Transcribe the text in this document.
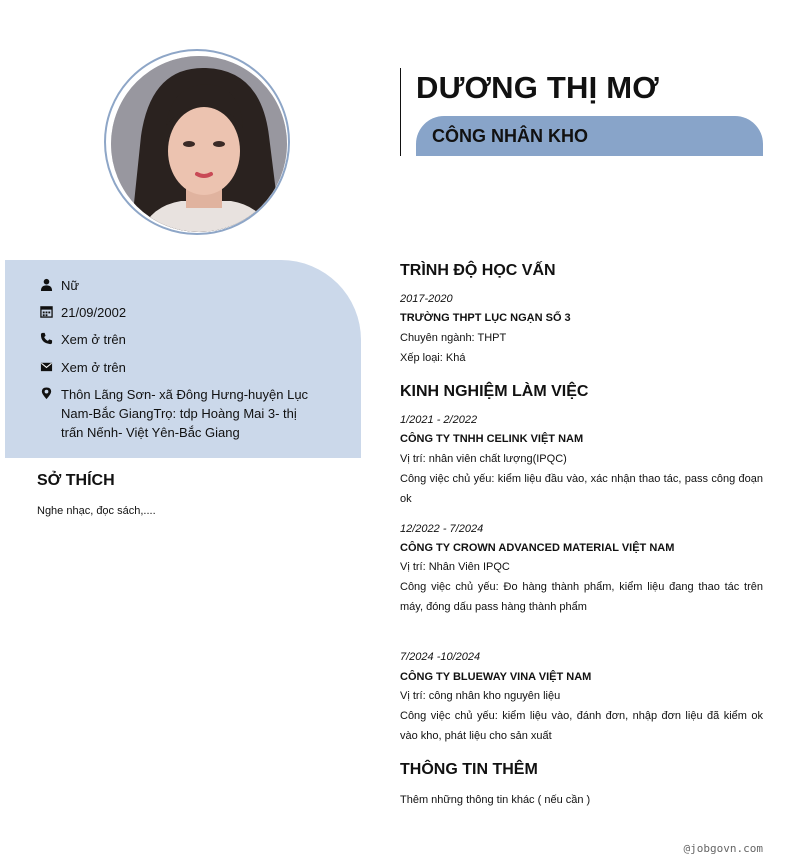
DƯƠNG THỊ MƠ
CÔNG NHÂN KHO
Nữ
21/09/2002
Xem ở trên
Xem ở trên
Thôn Lãng Sơn- xã Đông Hưng-huyện Lục Nam-Bắc GiangTrọ: tdp Hoàng Mai 3- thị trấn Nếnh- Việt Yên-Bắc Giang
SỞ THÍCH
Nghe nhạc, đọc sách,....
TRÌNH ĐỘ HỌC VẤN
2017-2020
TRƯỜNG THPT LỤC NGẠN SỐ 3
Chuyên ngành: THPT
Xếp loại: Khá
KINH NGHIỆM LÀM VIỆC
1/2021 - 2/2022
CÔNG TY TNHH CELINK VIỆT NAM
Vị trí: nhân viên chất lượng(IPQC)
Công việc chủ yếu: kiểm liệu đầu vào, xác nhận thao tác, pass công đoạn ok
12/2022 - 7/2024
CÔNG TY CROWN ADVANCED MATERIAL VIỆT NAM
Vị trí: Nhân Viên IPQC
Công việc chủ yếu: Đo hàng thành phẩm, kiểm liệu đang thao tác trên máy, đóng dấu pass hàng thành phẩm
7/2024 -10/2024
CÔNG TY BLUEWAY VINA VIỆT NAM
Vị trí: công nhân kho nguyên liệu
Công việc chủ yếu: kiểm liệu vào, đánh đơn, nhập đơn liệu đã kiểm ok vào kho, phát liệu cho sản xuất
THÔNG TIN THÊM
Thêm những thông tin khác ( nếu cần )
@jobgovn.com
